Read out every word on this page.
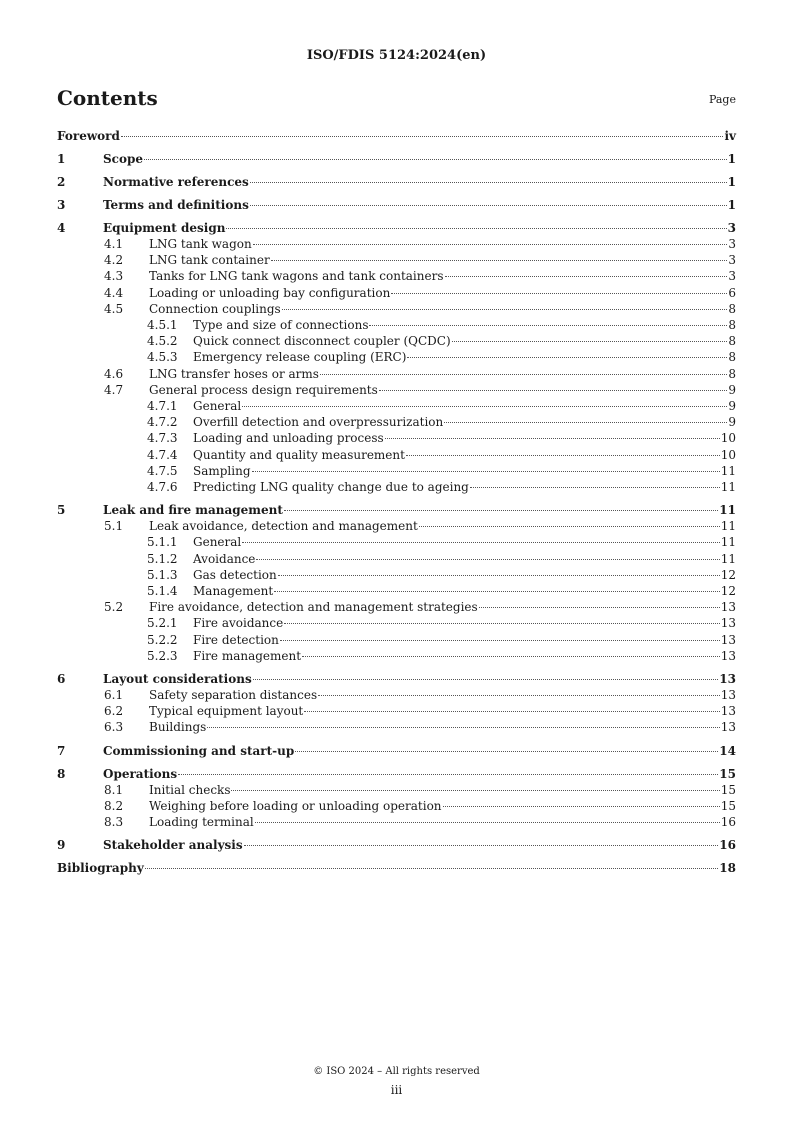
ISO/FDIS 5124:2024(en)
Contents	Page
Foreword	iv
1	Scope	1
2	Normative references	1
3	Terms and definitions	1
4	Equipment design	3
4.1	LNG tank wagon	3
4.2	LNG tank container	3
4.3	Tanks for LNG tank wagons and tank containers	3
4.4	Loading or unloading bay configuration	6
4.5	Connection couplings	8
4.5.1	Type and size of connections	8
4.5.2	Quick connect disconnect coupler (QCDC)	8
4.5.3	Emergency release coupling (ERC)	8
4.6	LNG transfer hoses or arms	8
4.7	General process design requirements	9
4.7.1	General	9
4.7.2	Overfill detection and overpressurization	9
4.7.3	Loading and unloading process	10
4.7.4	Quantity and quality measurement	10
4.7.5	Sampling	11
4.7.6	Predicting LNG quality change due to ageing	11
5	Leak and fire management	11
5.1	Leak avoidance, detection and management	11
5.1.1	General	11
5.1.2	Avoidance	11
5.1.3	Gas detection	12
5.1.4	Management	12
5.2	Fire avoidance, detection and management strategies	13
5.2.1	Fire avoidance	13
5.2.2	Fire detection	13
5.2.3	Fire management	13
6	Layout considerations	13
6.1	Safety separation distances	13
6.2	Typical equipment layout	13
6.3	Buildings	13
7	Commissioning and start-up	14
8	Operations	15
8.1	Initial checks	15
8.2	Weighing before loading or unloading operation	15
8.3	Loading terminal	16
9	Stakeholder analysis	16
Bibliography	18
© ISO 2024 – All rights reserved
iii
